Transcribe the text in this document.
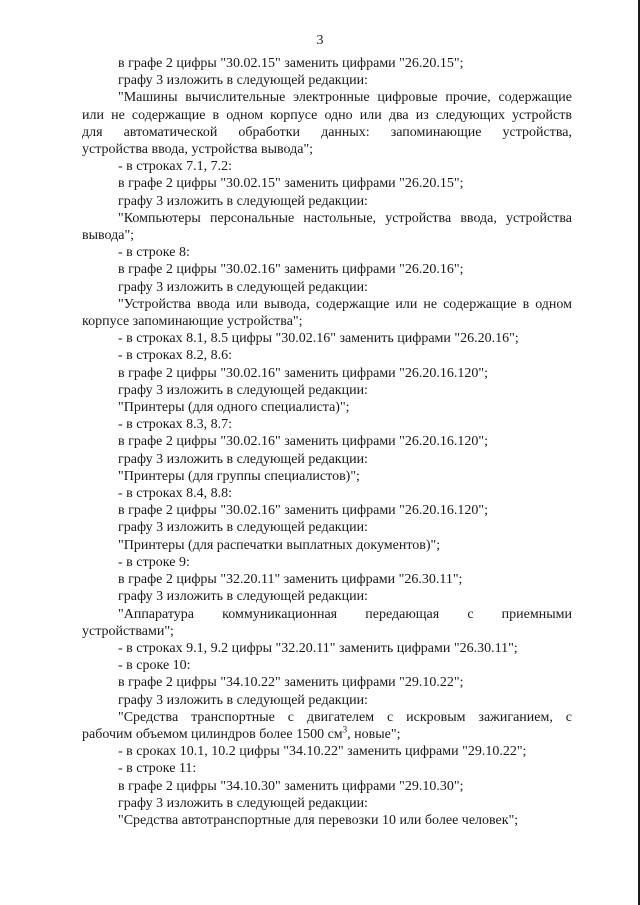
3

в графе 2 цифры "30.02.15" заменить цифрами "26.20.15";

графу 3 изложить в следующей редакции:

"Машины вычислительные электронные цифровые прочие, содержащие

или не содержащие в одном корпусе одно или два из следующих устройств

для автоматической обработки данных: запоминающие устройства,

устройства ввода, устройства вывода";

- в строках 7.1, 7.2:

в графе 2 цифры "30.02.15" заменить цифрами "26.20.15";

графу 3 изложить в следующей редакции:

"Компьютеры персональные настольные, устройства ввода, устройства

вывода";

- в строке 8:

в графе 2 цифры "30.02.16" заменить цифрами "26.20.16";

графу 3 изложить в следующей редакции:

"Устройства ввода или вывода, содержащие или не содержащие в одном

корпусе запоминающие устройства";

- в строках 8.1, 8.5 цифры "30.02.16" заменить цифрами "26.20.16";

- в строках 8.2, 8.6:

в графе 2 цифры "30.02.16" заменить цифрами "26.20.16.120";

графу 3 изложить в следующей редакции:

"Принтеры (для одного специалиста)";

- в строках 8.3, 8.7:

в графе 2 цифры "30.02.16" заменить цифрами "26.20.16.120";

графу 3 изложить в следующей редакции:

"Принтеры (для группы специалистов)";

- в строках 8.4, 8.8:

в графе 2 цифры "30.02.16" заменить цифрами "26.20.16.120";

графу 3 изложить в следующей редакции:

"Принтеры (для распечатки выплатных документов)";

- в строке 9:

в графе 2 цифры "32.20.11" заменить цифрами "26.30.11";

графу 3 изложить в следующей редакции:

"Аппаратура коммуникационная передающая с приемными

устройствами";

- в строках 9.1, 9.2 цифры "32.20.11" заменить цифрами "26.30.11";

- в сроке 10:

в графе 2 цифры "34.10.22" заменить цифрами "29.10.22";

графу 3 изложить в следующей редакции:

"Средства транспортные с двигателем с искровым зажиганием, с

рабочим объемом цилиндров более 1500 $см^3$, новые";

- в сроках 10.1, 10.2 цифры "34.10.22" заменить цифрами "29.10.22";

- в строке 11:

в графе 2 цифры "34.10.30" заменить цифрами "29.10.30";

графу 3 изложить в следующей редакции:

"Средства автотранспортные для перевозки 10 или более человек";
